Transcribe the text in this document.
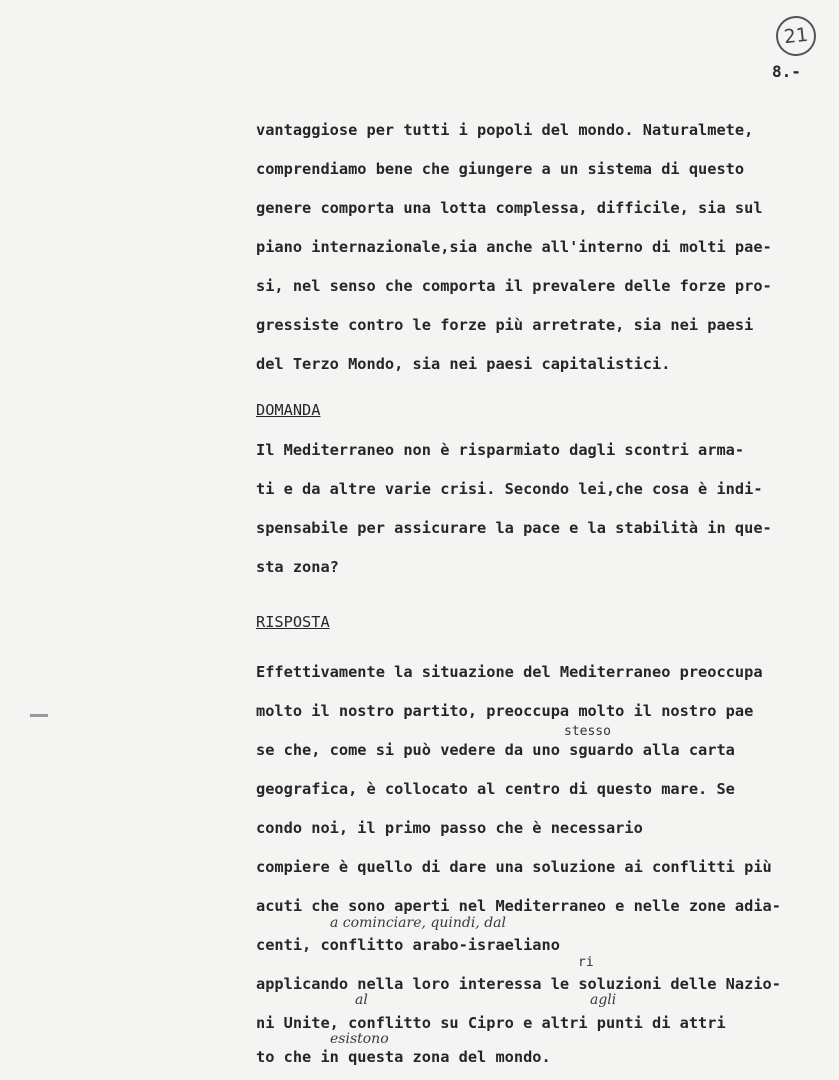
21
8.-
vantaggiose per tutti i popoli del mondo. Naturalmete,
comprendiamo bene che giungere a un sistema di questo
genere comporta una lotta complessa, difficile, sia sul
piano internazionale,sia anche all'interno di molti pae-
si, nel senso che comporta il prevalere delle forze pro-
gressiste contro le forze più arretrate, sia nei paesi
del Terzo Mondo, sia nei paesi capitalistici.
DOMANDA
Il Mediterraneo non è risparmiato dagli scontri arma-
ti e da altre varie crisi. Secondo lei,che cosa è indi-
spensabile per assicurare la pace e la stabilità in que-
sta zona?
RISPOSTA
Effettivamente la situazione del Mediterraneo preoccupa
molto il nostro partito, preoccupa molto il nostro pae
stesso
se che, come si può vedere da uno sguardo alla carta
geografica, è collocato al centro di questo mare. Se
condo noi, il primo passo che è necessario
compiere è quello di dare una soluzione ai conflitti più
acuti che sono aperti nel Mediterraneo e nelle zone adia-
a cominciare, quindi, dal
centi, conflitto arabo-israeliano
ri
applicando nella loro interessa le soluzioni delle Nazio-
al	agli
ni Unite, conflitto su Cipro e altri punti di attri
esistono
to che in questa zona del mondo.
